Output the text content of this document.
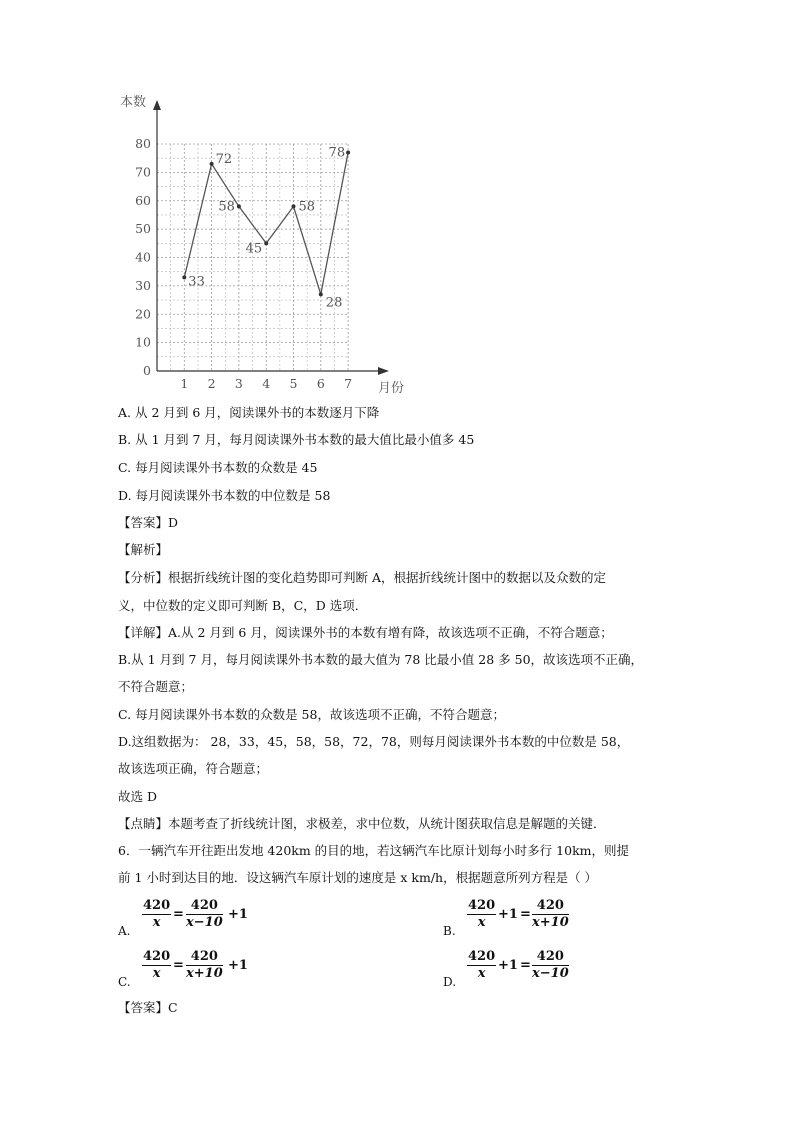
本数
月份
0
10
20
30
40
50
60
70
80
1 2 3 4 5 6 7
33
72
58
45
58
28
78
A. 从 2 月到 6 月，阅读课外书的本数逐月下降
B. 从 1 月到 7 月，每月阅读课外书本数的最大值比最小值多 45
C. 每月阅读课外书本数的众数是 45
D. 每月阅读课外书本数的中位数是 58
【答案】D
【解析】
【分析】根据折线统计图的变化趋势即可判断 A，根据折线统计图中的数据以及众数的定
义，中位数的定义即可判断 B，C，D 选项．
【详解】A.从 2 月到 6 月，阅读课外书的本数有增有降，故该选项不正确，不符合题意；
B.从 1 月到 7 月，每月阅读课外书本数的最大值为 78 比最小值 28 多 50，故该选项不正确，
不符合题意；
C. 每月阅读课外书本数的众数是 58，故该选项不正确，不符合题意；
D.这组数据为： 28，33，45，58，58，72，78，则每月阅读课外书本数的中位数是 58，
故该选项正确，符合题意；
故选 D
【点睛】本题考查了折线统计图，求极差，求中位数，从统计图获取信息是解题的关键．
6．一辆汽车开往距出发地 420km 的目的地，若这辆汽车比原计划每小时多行 10km，则提
前 1 小时到达目的地．设这辆汽车原计划的速度是 x km/h，根据题意所列方程是（ ）
A. $\frac{420}{x} = \frac{420}{x-10} +1$
B. $\frac{420}{x} +1 = \frac{420}{x+10}$
C. $\frac{420}{x} = \frac{420}{x+10} +1$
D. $\frac{420}{x} +1 = \frac{420}{x-10}$
【答案】C
